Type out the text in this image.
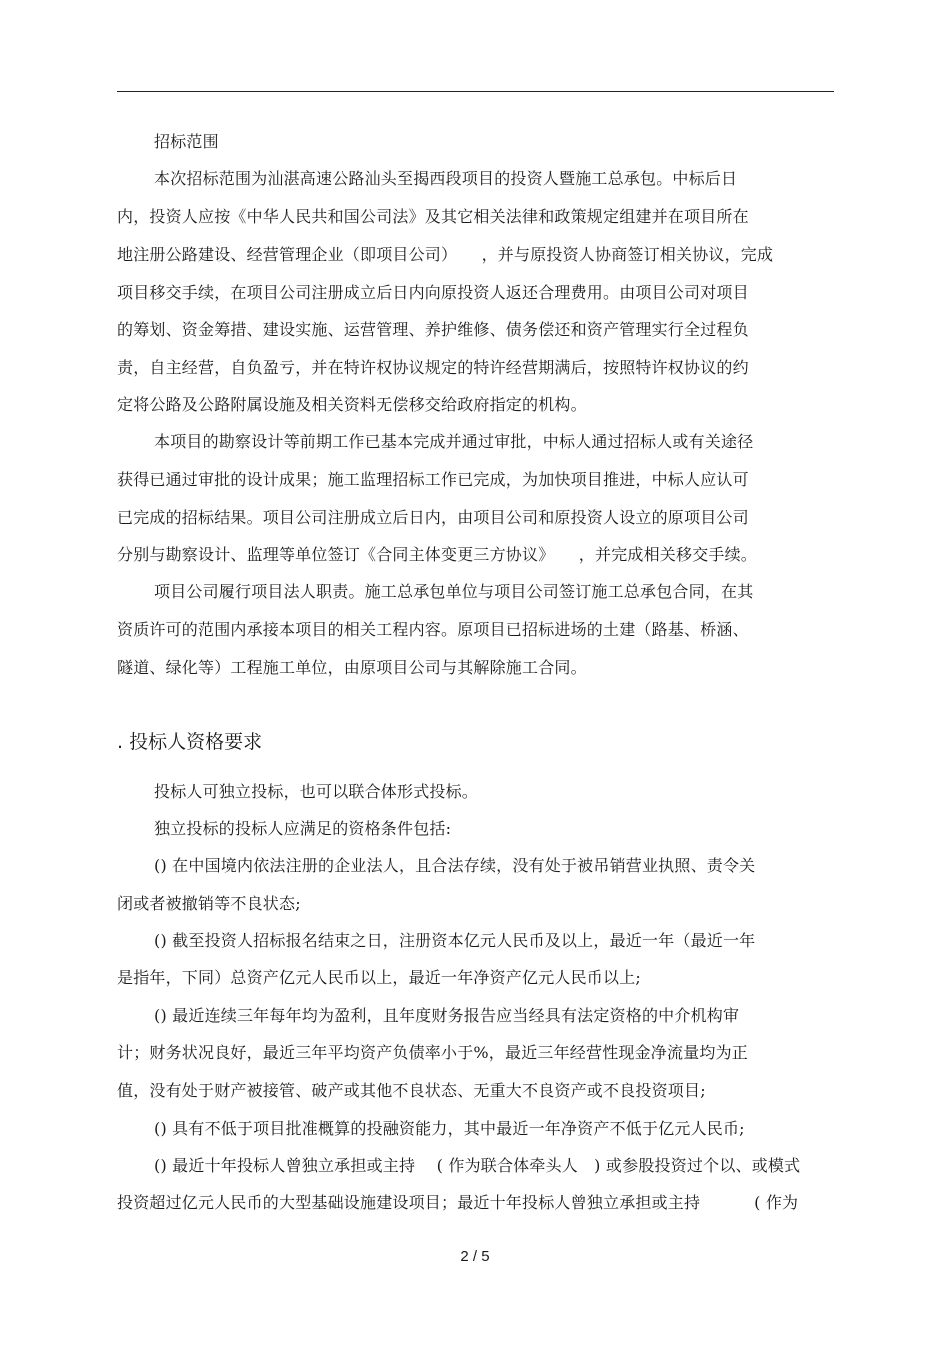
招标范围
本次招标范围为汕湛高速公路汕头至揭西段项目的投资人暨施工总承包。中标后日
内，投资人应按《中华人民共和国公司法》及其它相关法律和政策规定组建并在项目所在
地注册公路建设、经营管理企业（即项目公司）　　，并与原投资人协商签订相关协议，完成
项目移交手续，在项目公司注册成立后日内向原投资人返还合理费用。由项目公司对项目
的筹划、资金筹措、建设实施、运营管理、养护维修、债务偿还和资产管理实行全过程负
责，自主经营，自负盈亏，并在特许权协议规定的特许经营期满后，按照特许权协议的约
定将公路及公路附属设施及相关资料无偿移交给政府指定的机构。
本项目的勘察设计等前期工作已基本完成并通过审批，中标人通过招标人或有关途径
获得已通过审批的设计成果；施工监理招标工作已完成，为加快项目推进，中标人应认可
已完成的招标结果。项目公司注册成立后日内，由项目公司和原投资人设立的原项目公司
分别与勘察设计、监理等单位签订《合同主体变更三方协议》　　，并完成相关移交手续。
项目公司履行项目法人职责。施工总承包单位与项目公司签订施工总承包合同，在其
资质许可的范围内承接本项目的相关工程内容。原项目已招标进场的土建（路基、桥涵、
隧道、绿化等）工程施工单位，由原项目公司与其解除施工合同。
. 投标人资格要求
投标人可独立投标，也可以联合体形式投标。
独立投标的投标人应满足的资格条件包括:
() 在中国境内依法注册的企业法人，且合法存续，没有处于被吊销营业执照、责令关
闭或者被撤销等不良状态;
() 截至投资人招标报名结束之日，注册资本亿元人民币及以上，最近一年（最近一年
是指年，下同）总资产亿元人民币以上，最近一年净资产亿元人民币以上;
() 最近连续三年每年均为盈利，且年度财务报告应当经具有法定资格的中介机构审
计；财务状况良好，最近三年平均资产负债率小于%，最近三年经营性现金净流量均为正
值，没有处于财产被接管、破产或其他不良状态、无重大不良资产或不良投资项目;
() 具有不低于项目批准概算的投融资能力，其中最近一年净资产不低于亿元人民币;
() 最近十年投标人曾独立承担或主持　 ( 作为联合体牵头人　) 或参股投资过个以、或模式
投资超过亿元人民币的大型基础设施建设项目；最近十年投标人曾独立承担或主持　　　 ( 作为
2 / 5
